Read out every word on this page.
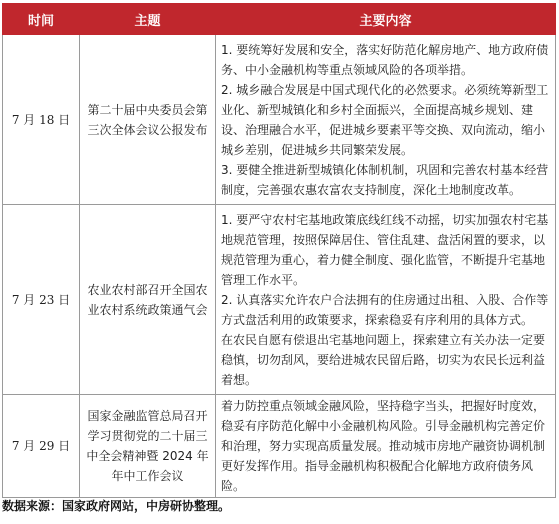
时间	主题	主要内容
7 月 18 日	第二十届中央委员会第三次全体会议公报发布	1. 要统筹好发展和安全，落实好防范化解房地产、地方政府债务、中小金融机构等重点领域风险的各项举措。
2. 城乡融合发展是中国式现代化的必然要求。必须统筹新型工业化、新型城镇化和乡村全面振兴，全面提高城乡规划、建设、治理融合水平，促进城乡要素平等交换、双向流动，缩小城乡差别，促进城乡共同繁荣发展。
3. 要健全推进新型城镇化体制机制，巩固和完善农村基本经营制度，完善强农惠农富农支持制度，深化土地制度改革。

7 月 23 日	农业农村部召开全国农业农村系统政策通气会	1. 要严守农村宅基地政策底线红线不动摇，切实加强农村宅基地规范管理，按照保障居住、管住乱建、盘活闲置的要求，以规范管理为重心，着力健全制度、强化监管，不断提升宅基地管理工作水平。
2. 认真落实允许农户合法拥有的住房通过出租、入股、合作等方式盘活利用的政策要求，探索稳妥有序利用的具体方式。
在农民自愿有偿退出宅基地问题上，探索建立有关办法一定要稳慎，切勿刮风，要给进城农民留后路，切实为农民长远利益着想。

7 月 29 日	国家金融监管总局召开学习贯彻党的二十届三中全会精神暨 2024 年年中工作会议	着力防控重点领域金融风险，坚持稳字当头，把握好时度效，稳妥有序防范化解中小金融机构风险。引导金融机构完善定价和治理，努力实现高质量发展。推动城市房地产融资协调机制更好发挥作用。指导金融机构积极配合化解地方政府债务风险。
数据来源：国家政府网站，中房研协整理。
